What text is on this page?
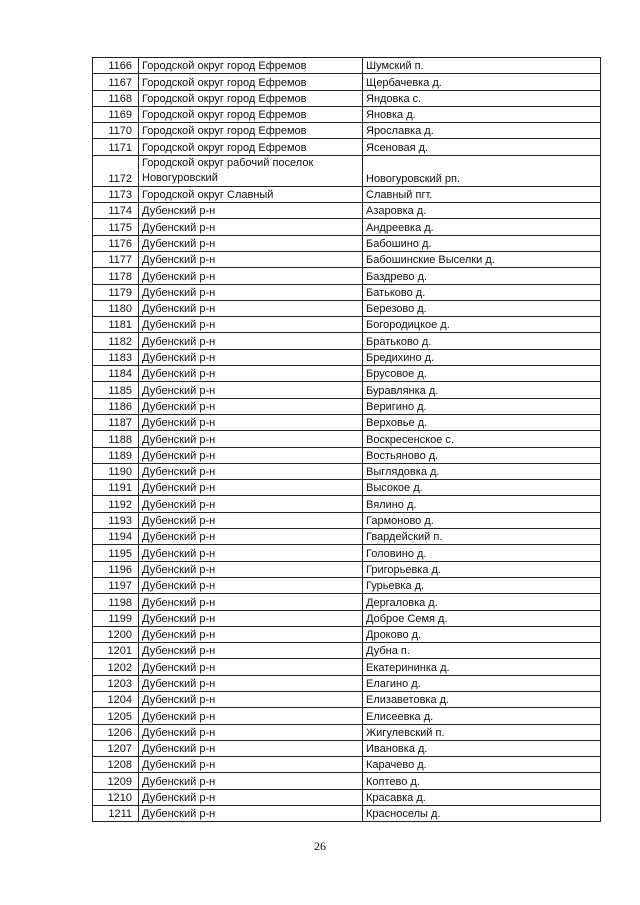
1166	Городской округ город Ефремов	Шумский п.
1167	Городской округ город Ефремов	Щербачевка д.
1168	Городской округ город Ефремов	Яндовка с.
1169	Городской округ город Ефремов	Яновка д.
1170	Городской округ город Ефремов	Ярославка д.
1171	Городской округ город Ефремов	Ясеновая д.
1172	Городской округ рабочий поселок Новогуровский	Новогуровский рп.
1173	Городской округ Славный	Славный пгт.
1174	Дубенский р-н	Азаровка д.
1175	Дубенский р-н	Андреевка д.
1176	Дубенский р-н	Бабошино д.
1177	Дубенский р-н	Бабошинские Выселки д.
1178	Дубенский р-н	Баздрево д.
1179	Дубенский р-н	Батьково д.
1180	Дубенский р-н	Березово д.
1181	Дубенский р-н	Богородицкое д.
1182	Дубенский р-н	Братьково д.
1183	Дубенский р-н	Бредихино д.
1184	Дубенский р-н	Брусовое д.
1185	Дубенский р-н	Буравлянка д.
1186	Дубенский р-н	Веригино д.
1187	Дубенский р-н	Верховье д.
1188	Дубенский р-н	Воскресенское с.
1189	Дубенский р-н	Востьяново д.
1190	Дубенский р-н	Выглядовка д.
1191	Дубенский р-н	Высокое д.
1192	Дубенский р-н	Вялино д.
1193	Дубенский р-н	Гармоново д.
1194	Дубенский р-н	Гвардейский п.
1195	Дубенский р-н	Головино д.
1196	Дубенский р-н	Григорьевка д.
1197	Дубенский р-н	Гурьевка д.
1198	Дубенский р-н	Дергаловка д.
1199	Дубенский р-н	Доброе Семя д.
1200	Дубенский р-н	Дроково д.
1201	Дубенский р-н	Дубна п.
1202	Дубенский р-н	Екатерининка д.
1203	Дубенский р-н	Елагино д.
1204	Дубенский р-н	Елизаветовка д.
1205	Дубенский р-н	Елисеевка д.
1206	Дубенский р-н	Жигулевский п.
1207	Дубенский р-н	Ивановка д.
1208	Дубенский р-н	Карачево д.
1209	Дубенский р-н	Коптево д.
1210	Дубенский р-н	Красавка д.
1211	Дубенский р-н	Красноселы д.
26
